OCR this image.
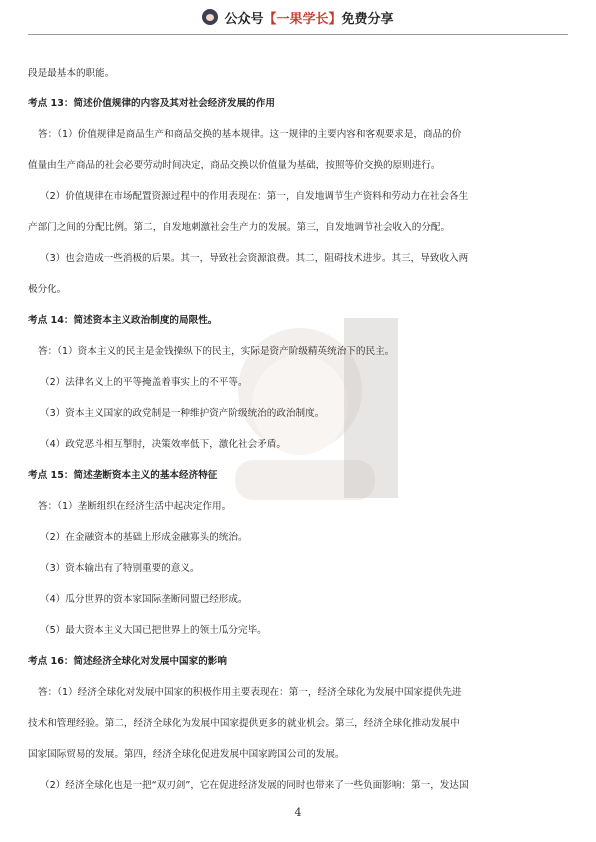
公众号 【一果学长】 免费分享

段是最基本的职能。

考点 13：简述价值规律的内容及其对社会经济发展的作用

答：（1）价值规律是商品生产和商品交换的基本规律。这一规律的主要内容和客观要求是，商品的价

值量由生产商品的社会必要劳动时间决定，商品交换以价值量为基础，按照等价交换的原则进行。

（2）价值规律在市场配置资源过程中的作用表现在：第一，自发地调节生产资料和劳动力在社会各生

产部门之间的分配比例。第二，自发地刺激社会生产力的发展。第三，自发地调节社会收入的分配。

（3）也会造成一些消极的后果。其一，导致社会资源浪费。其二，阻碍技术进步。其三，导致收入两

极分化。

考点 14：简述资本主义政治制度的局限性。

答：（1）资本主义的民主是金钱操纵下的民主，实际是资产阶级精英统治下的民主。

（2）法律名义上的平等掩盖着事实上的不平等。

（3）资本主义国家的政党制是一种维护资产阶级统治的政治制度。

（4）政党恶斗相互掣肘，决策效率低下，激化社会矛盾。

考点 15：简述垄断资本主义的基本经济特征

答：（1）垄断组织在经济生活中起决定作用。

（2）在金融资本的基础上形成金融寡头的统治。

（3）资本输出有了特别重要的意义。

（4）瓜分世界的资本家国际垄断同盟已经形成。

（5）最大资本主义大国已把世界上的领土瓜分完毕。

考点 16：简述经济全球化对发展中国家的影响

答：（1）经济全球化对发展中国家的积极作用主要表现在：第一，经济全球化为发展中国家提供先进

技术和管理经验。第二，经济全球化为发展中国家提供更多的就业机会。第三，经济全球化推动发展中

国家国际贸易的发展。第四，经济全球化促进发展中国家跨国公司的发展。

（2）经济全球化也是一把“双刃剑”，它在促进经济发展的同时也带来了一些负面影响：第一，发达国

4
